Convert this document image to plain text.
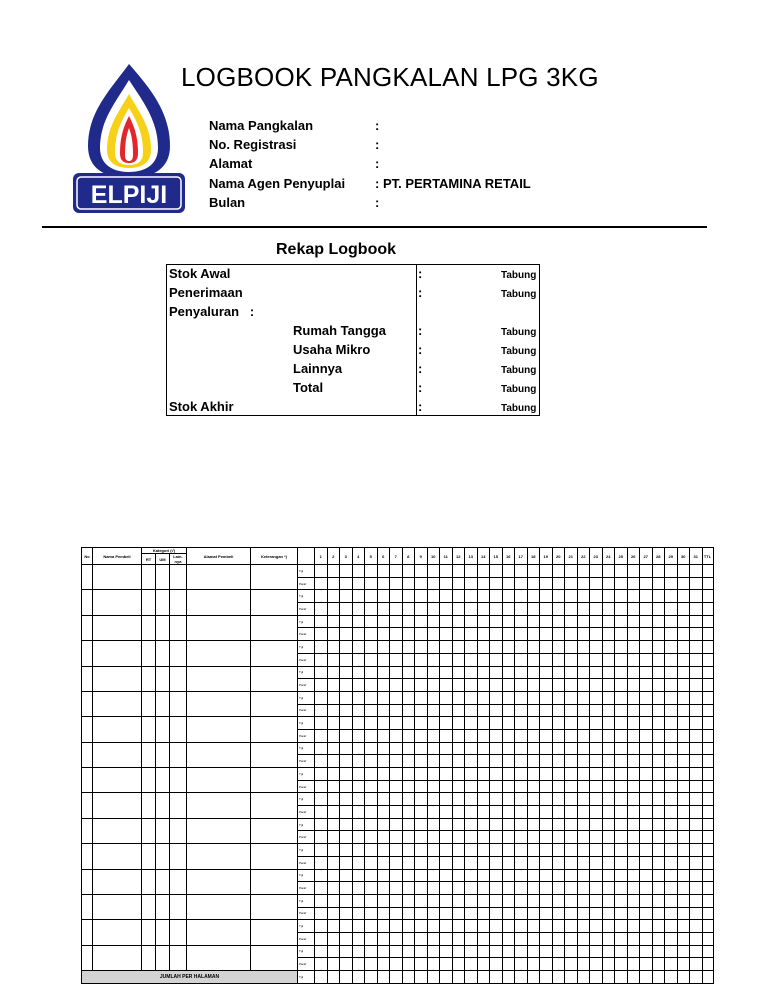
ELPIJI
LOGBOOK PANGKALAN LPG 3KG
Nama Pangkalan	:
No. Registrasi	:
Alamat	:
Nama Agen Penyuplai : PT. PERTAMINA RETAIL
Bulan	:
Rekap Logbook
Stok Awal	:	Tabung
Penerimaan	:	Tabung
Penyaluran   :
Rumah Tangga :	Tabung
Usaha Mikro	:	Tabung
Lainnya	:	Tabung
Total	:	Tabung
Stok Akhir	:	Tabung
No	Nama Pembeli	Kategori (√)			Alamat Pembeli	Keterangan *)		1	2	3	4	5	6	7	8	9	10	11	12	13	14	15	16	17	18	19	20	21	22	23	24	25	26	27	28	29	30	31	TTL
		RT	UM	Lain-nya																																			
							Tgl																																
							Paraf																																
							Tgl																																
							Paraf																																
							Tgl																																
							Paraf																																
							Tgl																																
							Paraf																																
							Tgl																																
							Paraf																																
							Tgl																																
							Paraf																																
							Tgl																																
							Paraf																																
							Tgl																																
							Paraf																																
							Tgl																																
							Paraf																																
							Tgl																																
							Paraf																																
							Tgl																																
							Paraf																																
							Tgl																																
							Paraf																																
							Tgl																																
							Paraf																																
							Tgl																																
							Paraf																																
							Tgl																																
							Paraf																																
							Tgl																																
							Paraf																																
JUMLAH PER HALAMAN							Tgl																																
